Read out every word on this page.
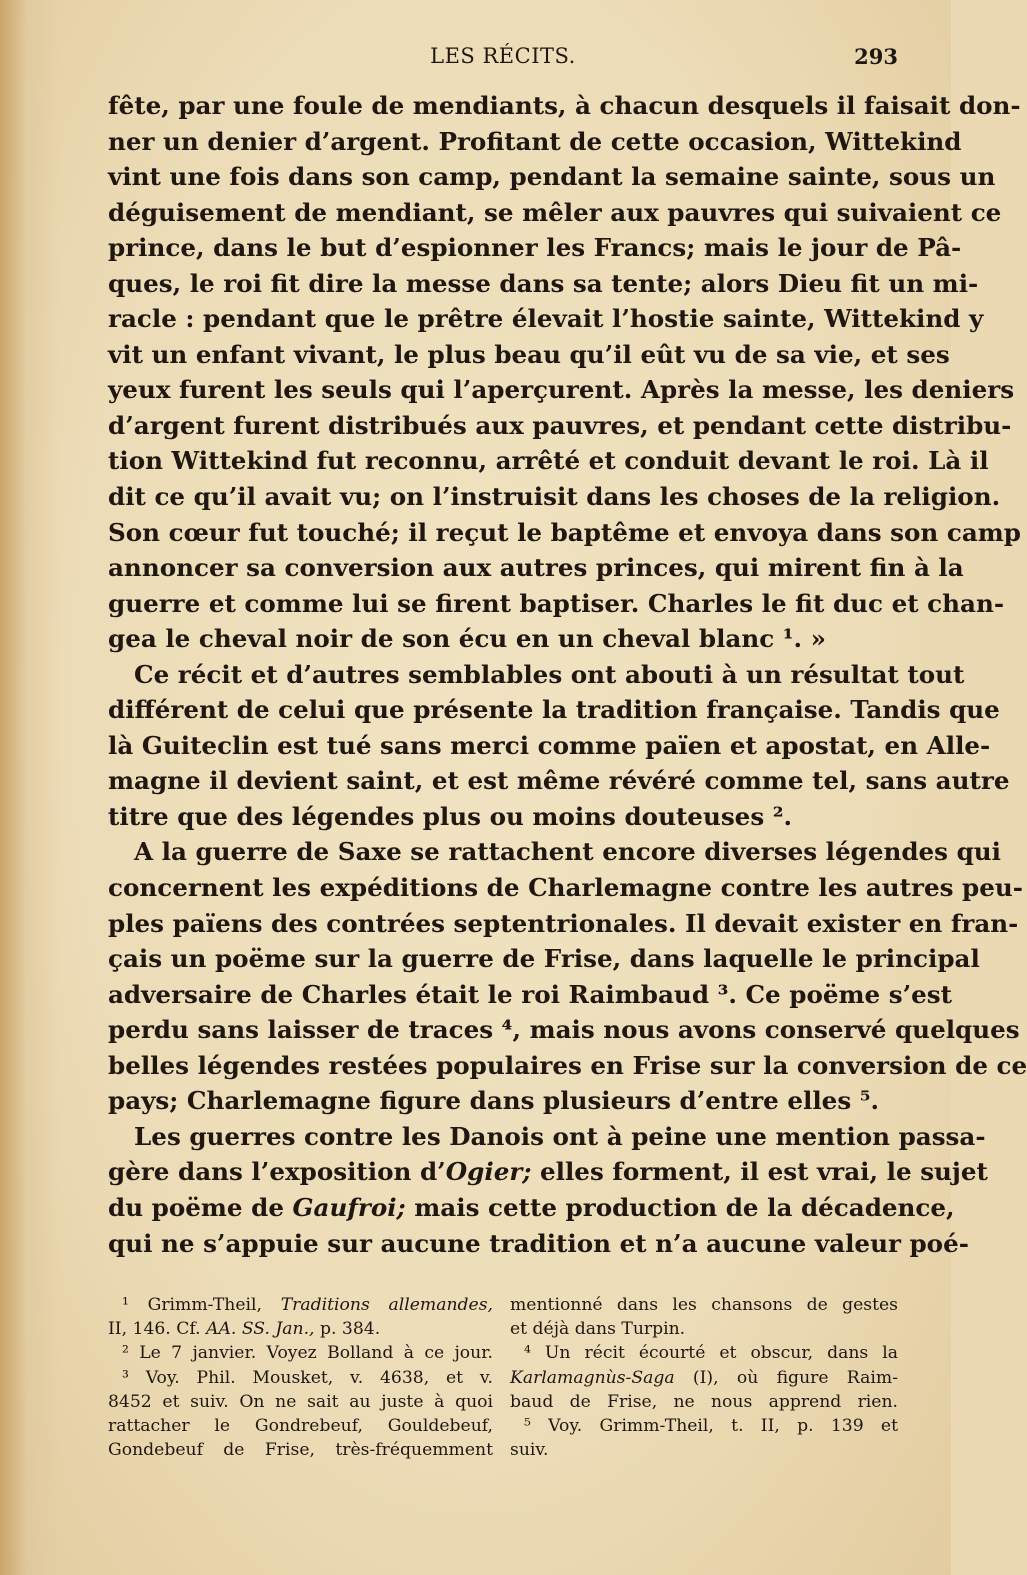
LES RÉCITS.	293
fête, par une foule de mendiants, à chacun desquels il faisait don-
ner un denier d’argent. Profitant de cette occasion, Wittekind
vint une fois dans son camp, pendant la semaine sainte, sous un
déguisement de mendiant, se mêler aux pauvres qui suivaient ce
prince, dans le but d’espionner les Francs; mais le jour de Pâ-
ques, le roi fit dire la messe dans sa tente; alors Dieu fit un mi-
racle : pendant que le prêtre élevait l’hostie sainte, Wittekind y
vit un enfant vivant, le plus beau qu’il eût vu de sa vie, et ses
yeux furent les seuls qui l’aperçurent. Après la messe, les deniers
d’argent furent distribués aux pauvres, et pendant cette distribu-
tion Wittekind fut reconnu, arrêté et conduit devant le roi. Là il
dit ce qu’il avait vu; on l’instruisit dans les choses de la religion.
Son cœur fut touché; il reçut le baptême et envoya dans son camp
annoncer sa conversion aux autres princes, qui mirent fin à la
guerre et comme lui se firent baptiser. Charles le fit duc et chan-
gea le cheval noir de son écu en un cheval blanc ¹. »
Ce récit et d’autres semblables ont abouti à un résultat tout
différent de celui que présente la tradition française. Tandis que
là Guiteclin est tué sans merci comme païen et apostat, en Alle-
magne il devient saint, et est même révéré comme tel, sans autre
titre que des légendes plus ou moins douteuses ².
A la guerre de Saxe se rattachent encore diverses légendes qui
concernent les expéditions de Charlemagne contre les autres peu-
ples païens des contrées septentrionales. Il devait exister en fran-
çais un poëme sur la guerre de Frise, dans laquelle le principal
adversaire de Charles était le roi Raimbaud ³. Ce poëme s’est
perdu sans laisser de traces ⁴, mais nous avons conservé quelques
belles légendes restées populaires en Frise sur la conversion de ce
pays; Charlemagne figure dans plusieurs d’entre elles ⁵.
Les guerres contre les Danois ont à peine une mention passa-
gère dans l’exposition d’Ogier; elles forment, il est vrai, le sujet
du poëme de Gaufroi; mais cette production de la décadence,
qui ne s’appuie sur aucune tradition et n’a aucune valeur poé-
¹ Grimm-Theil, Traditions allemandes,
II, 146. Cf. AA. SS. Jan., p. 384.
² Le 7 janvier. Voyez Bolland à ce jour.
³ Voy. Phil. Mousket, v. 4638, et v.
8452 et suiv. On ne sait au juste à quoi
rattacher le Gondrebeuf, Gouldebeuf,
Gondebeuf de Frise, très-fréquemment
mentionné dans les chansons de gestes
et déjà dans Turpin.
⁴ Un récit écourté et obscur, dans la
Karlamagnùs-Saga (I), où figure Raim-
baud de Frise, ne nous apprend rien.
⁵ Voy. Grimm-Theil, t. II, p. 139 et
suiv.
